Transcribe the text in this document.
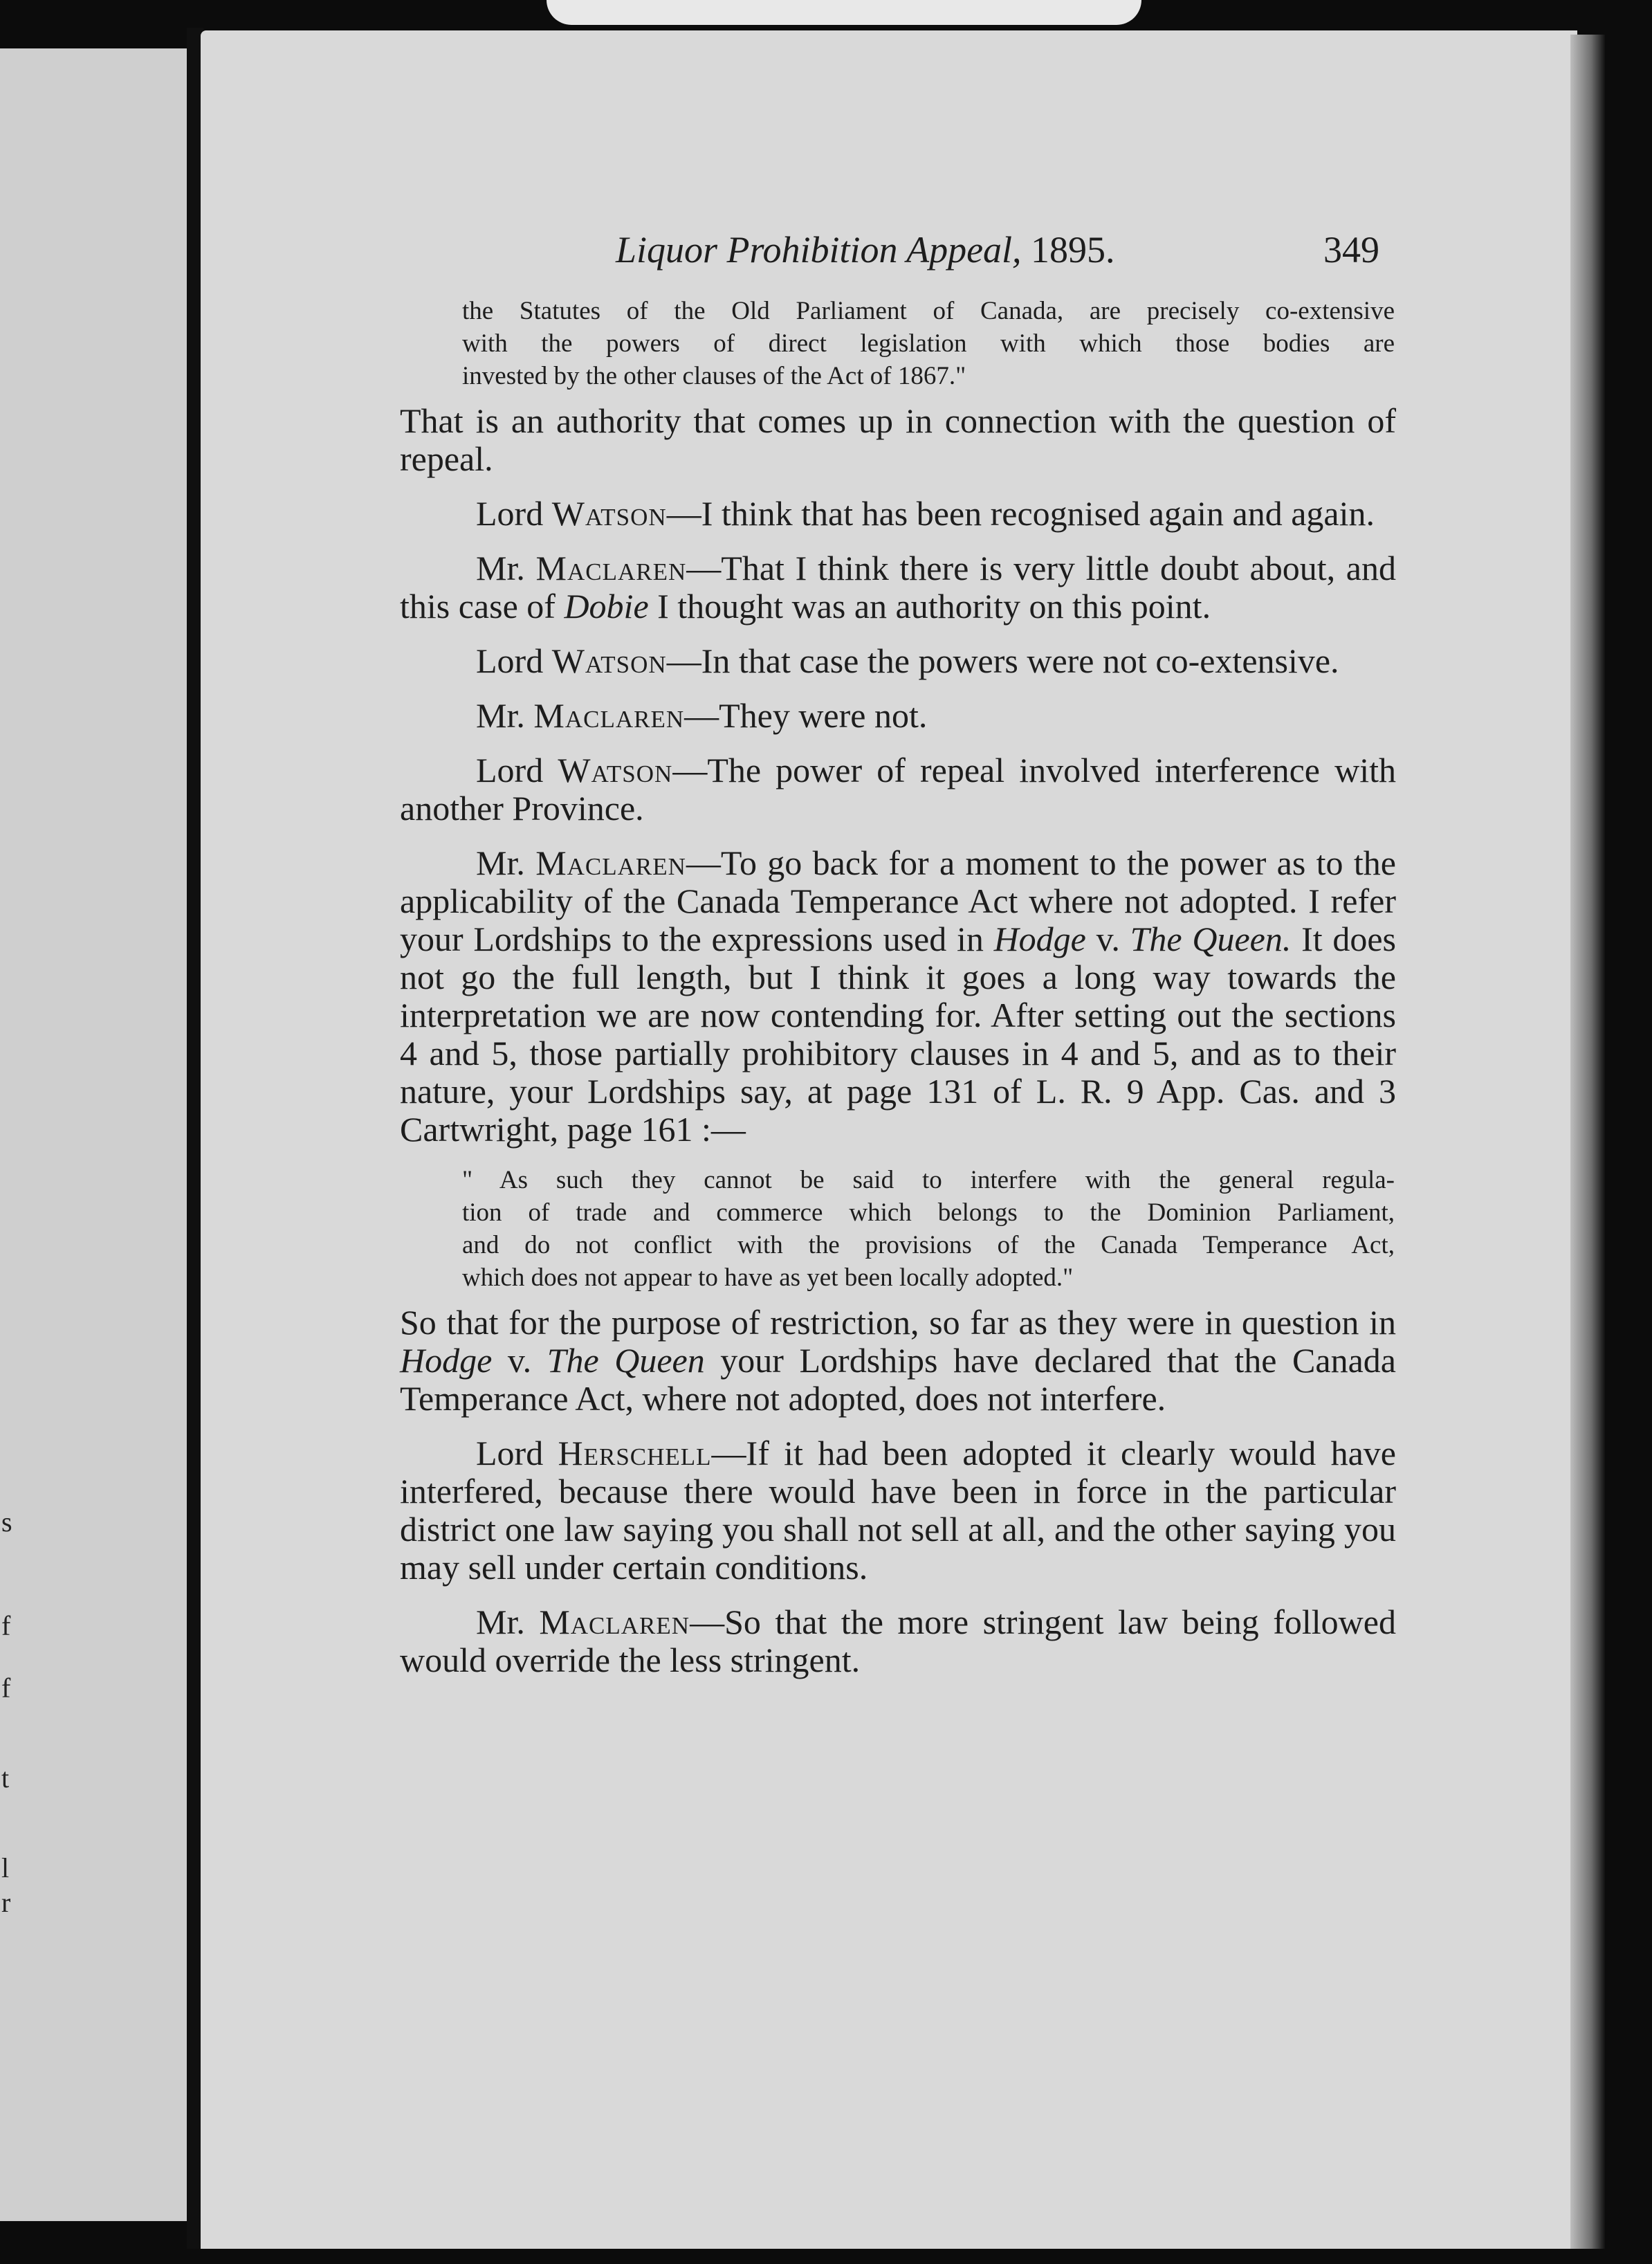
s
f
f
t
l
r
Liquor Prohibition Appeal, 1895.	349
the Statutes of the Old Parliament of Canada, are precisely co-extensive
with the powers of direct legislation with which those bodies are
invested by the other clauses of the Act of 1867."

That is an authority that comes up in connection with the question of repeal.

Lord Watson—I think that has been recognised again and again.

Mr. Maclaren—That I think there is very little doubt about, and this case of Dobie I thought was an authority on this point.

Lord Watson—In that case the powers were not co-extensive.

Mr. Maclaren—They were not.

Lord Watson—The power of repeal involved interference with another Province.

Mr. Maclaren—To go back for a moment to the power as to the applicability of the Canada Temperance Act where not adopted. I refer your Lordships to the expressions used in Hodge v. The Queen. It does not go the full length, but I think it goes a long way towards the interpretation we are now contending for. After setting out the sections 4 and 5, those partially prohibitory clauses in 4 and 5, and as to their nature, your Lordships say, at page 131 of L. R. 9 App. Cas. and 3 Cartwright, page 161 :—

" As such they cannot be said to interfere with the general regula-
tion of trade and commerce which belongs to the Dominion Parliament,
and do not conflict with the provisions of the Canada Temperance Act,
which does not appear to have as yet been locally adopted."

So that for the purpose of restriction, so far as they were in question in Hodge v. The Queen your Lordships have declared that the Canada Temperance Act, where not adopted, does not interfere.

Lord Herschell—If it had been adopted it clearly would have interfered, because there would have been in force in the particular district one law saying you shall not sell at all, and the other saying you may sell under certain conditions.

Mr. Maclaren—So that the more stringent law being followed would override the less stringent.
